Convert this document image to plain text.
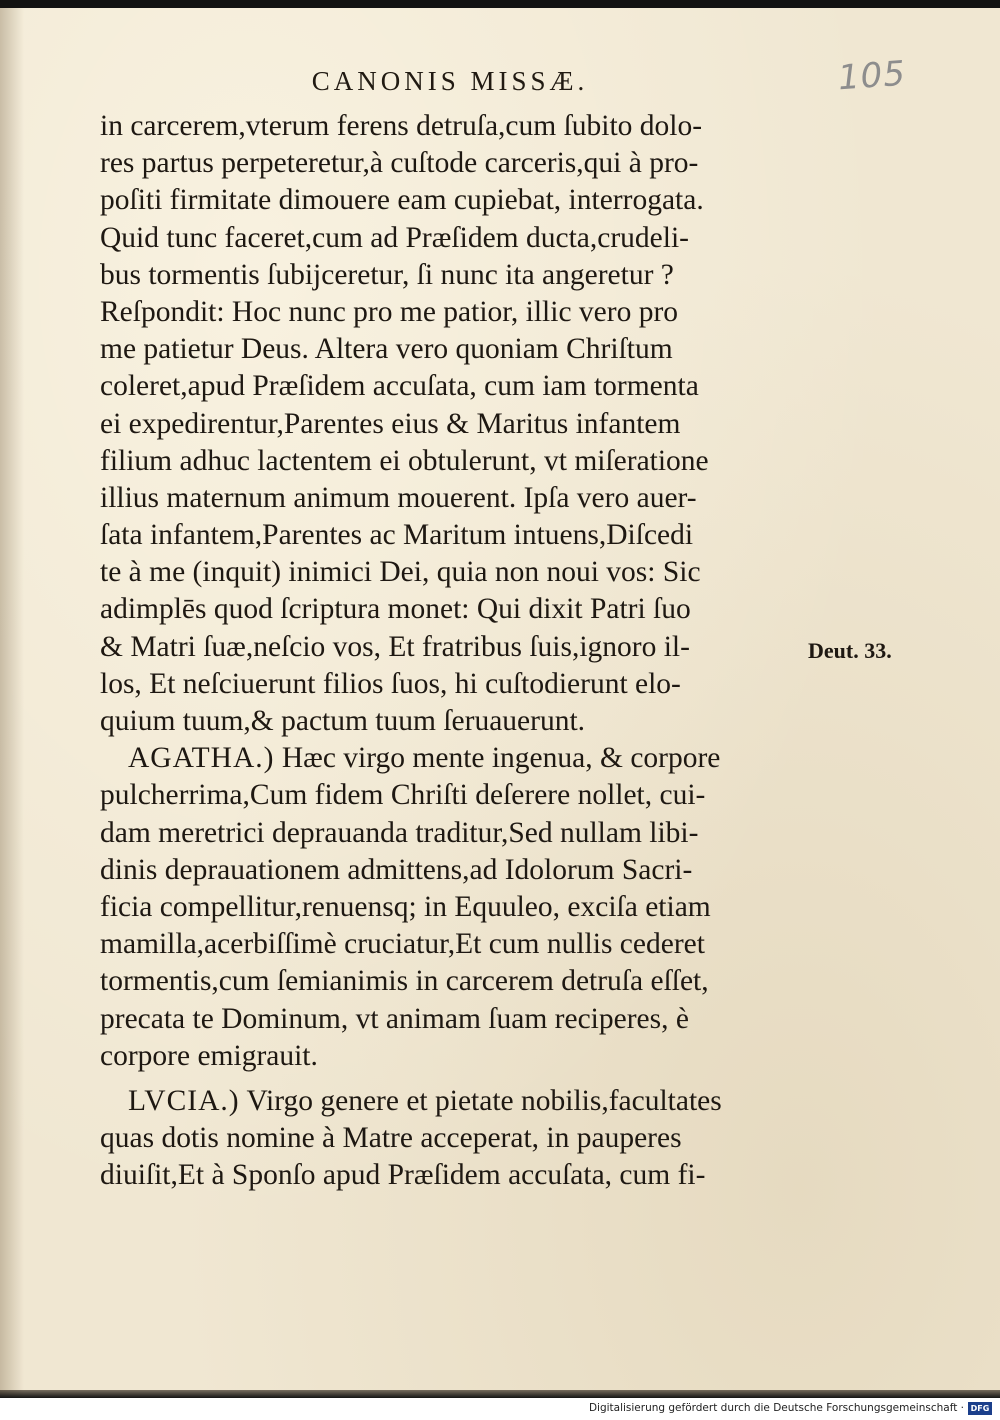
105
CANONIS MISSÆ.
in carcerem,vterum ferens detruſa,cum ſubito dolo-
res partus perpeteretur,à cuſtode carceris,qui à pro-
poſiti firmitate dimouere eam cupiebat, interrogata.
Quid tunc faceret,cum ad Præſidem ducta,crudeli-
bus tormentis ſubijceretur, ſi nunc ita angeretur ?
Reſpondit: Hoc nunc pro me patior, illic vero pro
me patietur Deus. Altera vero quoniam Chriſtum
coleret,apud Præſidem accuſata, cum iam tormenta
ei expedirentur,Parentes eius & Maritus infantem
filium adhuc lactentem ei obtulerunt, vt miſeratione
illius maternum animum mouerent. Ipſa vero auer-
ſata infantem,Parentes ac Maritum intuens,Diſcedi
te à me (inquit) inimici Dei, quia non noui vos: Sic
adimplēs quod ſcriptura monet: Qui dixit Patri ſuo
& Matri ſuæ,neſcio vos, Et fratribus ſuis,ignoro il-
los, Et neſciuerunt filios ſuos, hi cuſtodierunt elo-
quium tuum,& pactum tuum ſeruauerunt.
AGATHA.) Hæc virgo mente ingenua, & corpore
pulcherrima,Cum fidem Chriſti deſerere nollet, cui-
dam meretrici deprauanda traditur,Sed nullam libi-
dinis deprauationem admittens,ad Idolorum Sacri-
ficia compellitur,renuensq; in Equuleo, exciſa etiam
mamilla,acerbiſſimè cruciatur,Et cum nullis cederet
tormentis,cum ſemianimis in carcerem detruſa eſſet,
precata te Dominum, vt animam ſuam reciperes, è
corpore emigrauit.
LVCIA.) Virgo genere et pietate nobilis,facultates
quas dotis nomine à Matre acceperat, in pauperes
diuiſit,Et à Sponſo apud Præſidem accuſata, cum fi-
Deut. 33.
Digitalisierung gefördert durch die Deutsche Forschungsgemeinschaft · DFG
